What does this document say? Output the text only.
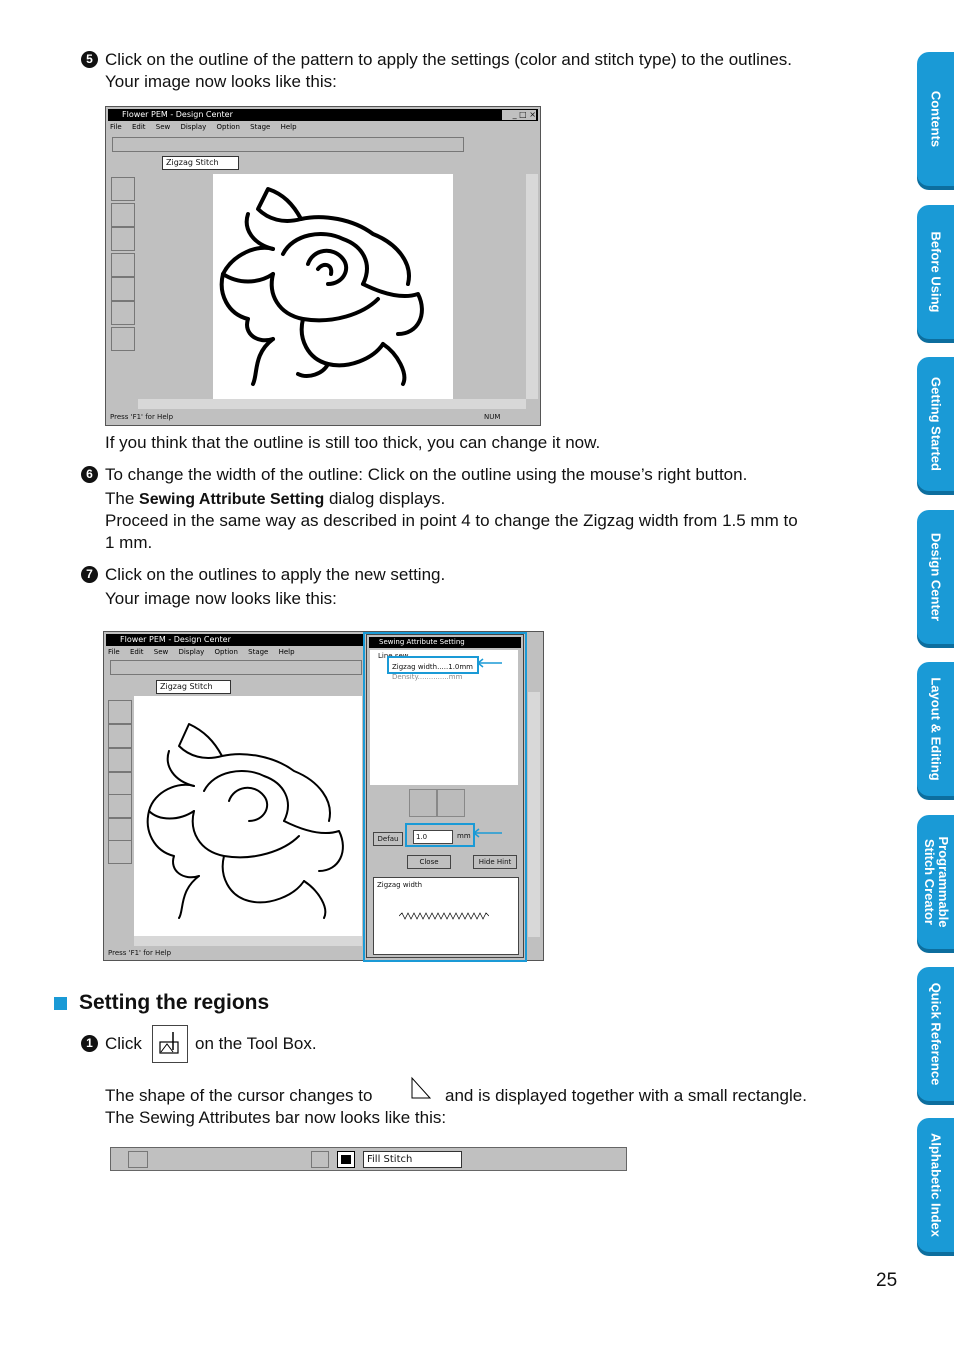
5 Click on the outline of the pattern to apply the settings (color and stitch type) to the outlines.
Your image now looks like this:
Flower PEM - Design Center	_ □ ×
File Edit Sew Display Option Stage Help
Zigzag Stitch
Press 'F1' for Help	NUM
If you think that the outline is still too thick, you can change it now.
6 To change the width of the outline: Click on the outline using the mouse’s right button.
The Sewing Attribute Setting dialog displays.
Proceed in the same way as described in point 4 to change the Zigzag width from 1.5 mm to
1 mm.
7 Click on the outlines to apply the new setting.
Your image now looks like this:
Flower PEM - Design Center
File Edit Sew Display Option Stage Help
Zigzag Stitch
Press 'F1' for Help
Sewing Attribute Setting
Line sew
Zigzag width.....1.0mm
Density..............mm
Defau	1.0	mm
Close	Hide Hint
Zigzag width
Setting the regions
1 Click	on the Tool Box.
The shape of the cursor changes to	and is displayed together with a small rectangle.
The Sewing Attributes bar now looks like this:
Fill Stitch
Contents
Before Using
Getting Started
Design Center
Layout & Editing
Programmable
Stitch Creator
Quick Reference
Alphabetic Index
25
